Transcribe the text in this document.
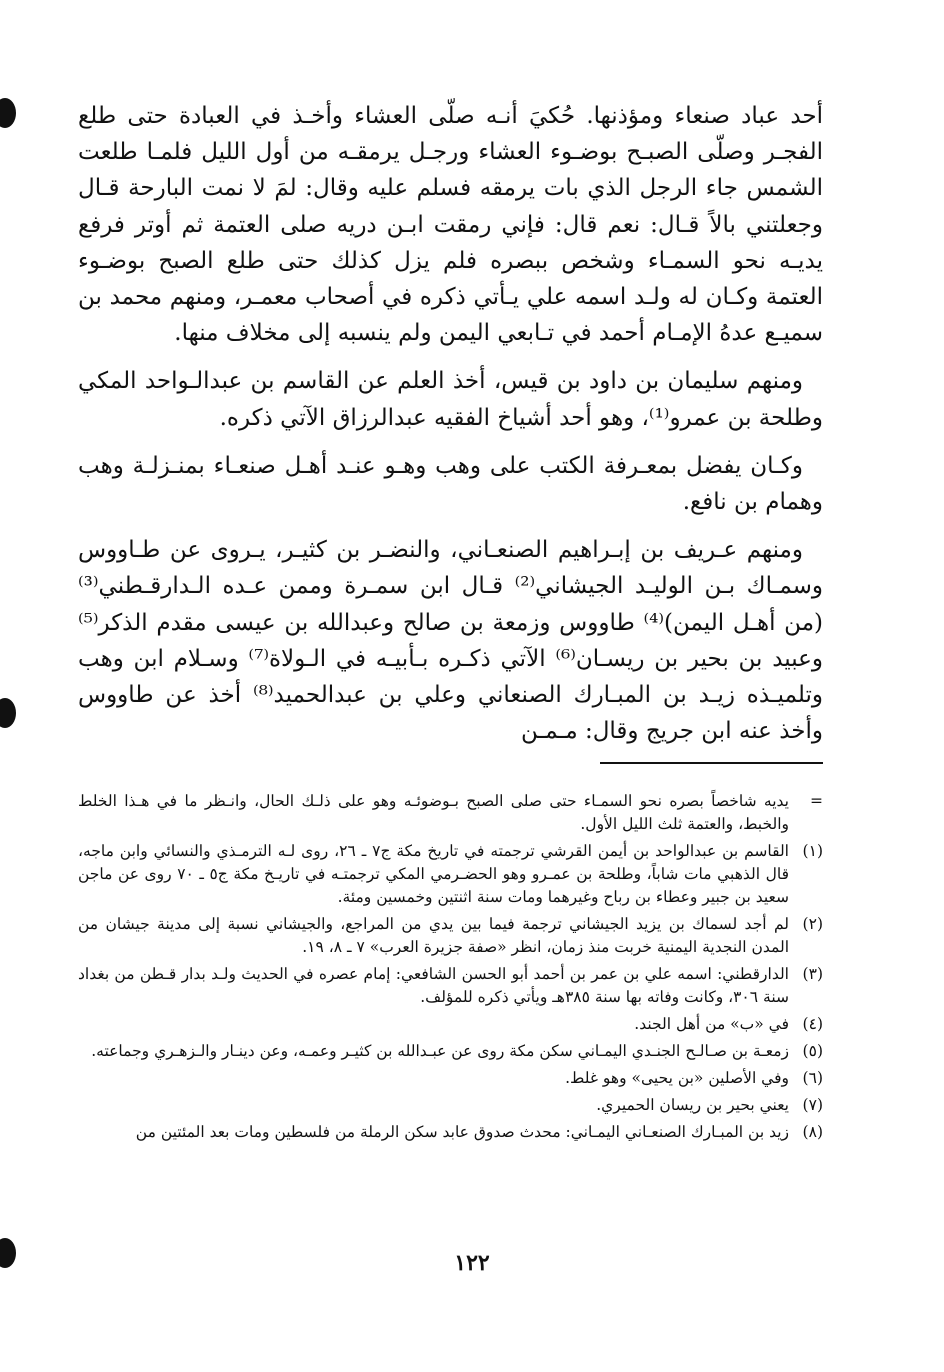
أحد عباد صنعاء ومؤذنها. حُكيَ أنـه صلّى العشاء وأخـذ في العبادة حتى طلع الفجـر وصلّى الصبـح بوضـوء العشاء ورجـل يرمقـه من أول الليل فلمـا طلعت الشمس جاء الرجل الذي بات يرمقه فسلم عليه وقال: لمَ لا نمت البارحة قـال وجعلتني بالاً قـال: نعم قال: فإني رمقت ابـن دريه صلى العتمة ثم أوتر فرفع يديـه نحو السمـاء وشخص ببصره فلم يزل كذلك حتى طلع الصبح بوضـوء العتمة وكـان له ولـد اسمه علي يـأتي ذكره في أصحاب معمـر، ومنهم محمد بن سميـع عدهُ الإمـام أحمد في تـابعي اليمن ولم ينسبه إلى مخلاف منها.

ومنهم سليمان بن داود بن قيس، أخذ العلم عن القاسم بن عبدالـواحد المكي وطلحة بن عمرو⁽¹⁾، وهو أحد أشياخ الفقيه عبدالرزاق الآتي ذكره.

وكـان يفضل بمعـرفة الكتب على وهب وهـو عنـد أهـل صنعـاء بمنـزلـة وهب وهمام بن نافع.

ومنهم عـريف بن إبـراهيم الصنعـاني، والنضـر بن كثيـر، يـروى عن طـاووس وسمـاك بـن الوليـد الجيشاني⁽²⁾ قـال ابن سمـرة وممن عـده الـدارقـطني⁽³⁾ (من أهـل اليمن)⁽⁴⁾ طاووس وزمعة بن صالح وعبدالله بن عيسى مقدم الذكر⁽⁵⁾ وعبيد بن بحير بن ريسـان⁽⁶⁾ الآتي ذكـره بـأبيـه في الـولاة⁽⁷⁾ وسـلام ابن وهب وتلميـذه زيـد بن المبـارك الصنعاني وعلي بن عبدالحميد⁽⁸⁾ أخذ عن طاووس وأخذ عنه ابن جريج وقال: مـمـن

=
يديه شاخصاً بصره نحو السمـاء حتى صلى الصبح بـوضوئـه وهو على ذلـك الحال، وانـظر ما في هـذا الخلط والخبط، والعتمة ثلث الليل الأول.
(١)
القاسم بن عبدالواحد بن أيمن القرشي ترجمته في تاريخ مكة ج٧ ـ ٢٦، روى لـه الترمـذي والنسائي وابن ماجه، قال الذهبي مات شاباً، وطلحة بن عمـرو وهو الحضـرمي المكي ترجمتـه في تاريـخ مكة ج٥ ـ ٧٠ روى عن ماجن سعيد بن جبير وعطاء بن رباح وغيرهما ومات سنة اثنتين وخمسين ومئة.
(٢)
لم أجد لسماك بن يزيد الجيشاني ترجمة فيما بين يدي من المراجع، والجيشاني نسبة إلى مدينة جيشان من المدن النجدية اليمنية خربت منذ زمان، انظر «صفة جزيرة العرب» ٧ ـ ٨، ١٩.
(٣)
الدارقطني: اسمه علي بن عمر بن أحمد أبو الحسن الشافعي: إمام عصره في الحديث ولـد بدار قـطن من بغداد سنة ٣٠٦، وكانت وفاته بها سنة ٣٨٥هـ ويأتي ذكره للمؤلف.
(٤)
في «ب» من أهل الجند.
(٥)
زمعـة بن صـالـح الجنـدي اليمـاني سكن مكة روى عن عبـدالله بن كثيـر وعمـه، وعن دينـار والـزهـري وجماعته.
(٦)
وفي الأصلين «بن يحيى» وهو غلط.
(٧)
يعني بحير بن ريسان الحميري.
(٨)
زيد بن المبـارك الصنعـاني اليمـاني: محدث صدوق عابد سكن الرملة من فلسطين ومات بعد المئتين من
١٢٢
